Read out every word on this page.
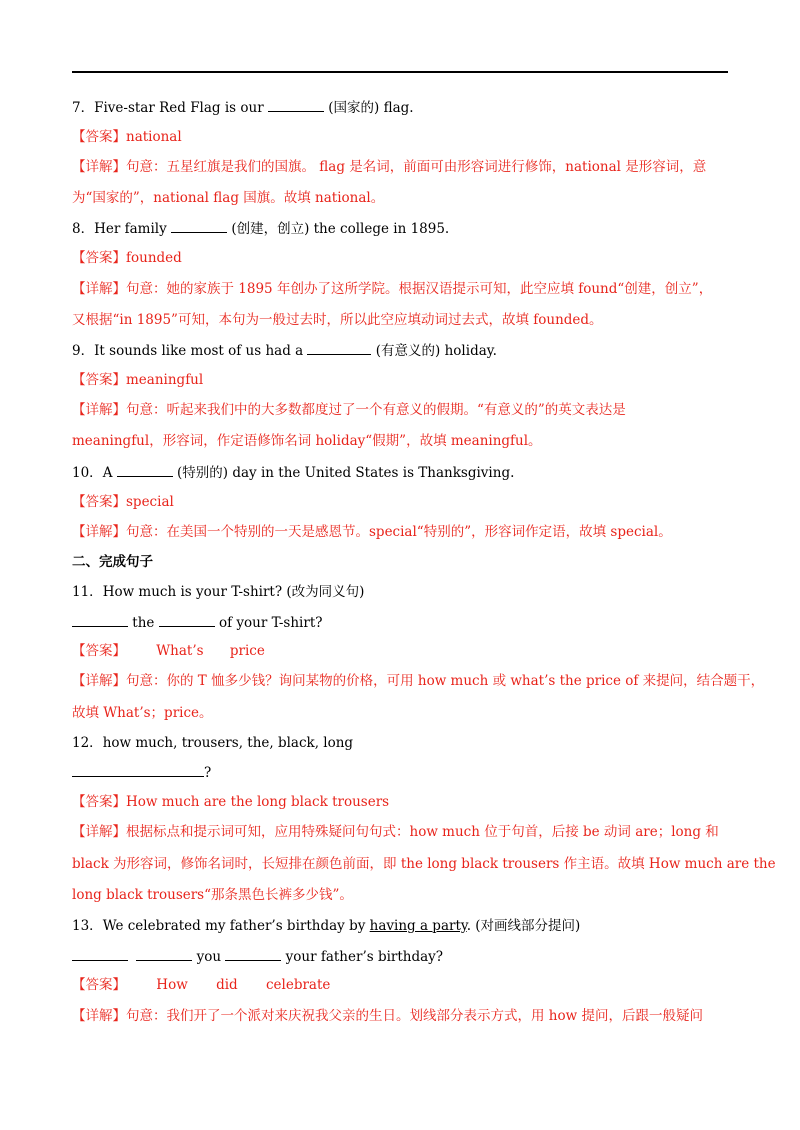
7．Five-star Red Flag is our	(国家的) flag.
【答案】national
【详解】句意：五星红旗是我们的国旗。 flag 是名词，前面可由形容词进行修饰，national 是形容词，意
为“国家的”，national flag 国旗。故填 national。
8．Her family	(创建，创立) the college in 1895.
【答案】founded
【详解】句意：她的家族于 1895 年创办了这所学院。根据汉语提示可知，此空应填 found“创建，创立”，
又根据“in 1895”可知，本句为一般过去时，所以此空应填动词过去式，故填 founded。
9．It sounds like most of us had a	(有意义的) holiday.
【答案】meaningful
【详解】句意：听起来我们中的大多数都度过了一个有意义的假期。“有意义的”的英文表达是
meaningful，形容词，作定语修饰名词 holiday“假期”，故填 meaningful。
10．A	(特别的) day in the United States is Thanksgiving.
【答案】special
【详解】句意：在美国一个特别的一天是感恩节。special“特别的”，形容词作定语，故填 special。
二、完成句子
11．How much is your T-shirt? (改为同义句)
the	of your T-shirt?
【答案】 What’s price
【详解】句意：你的 T 恤多少钱？询问某物的价格，可用 how much 或 what’s the price of 来提问，结合题干，
故填 What’s；price。
12．how much, trousers, the, black, long
?
【答案】How much are the long black trousers
【详解】根据标点和提示词可知，应用特殊疑问句句式：how much 位于句首，后接 be 动词 are；long 和
black 为形容词，修饰名词时，长短排在颜色前面，即 the long black trousers 作主语。故填 How much are the
long black trousers“那条黑色长裤多少钱”。
13．We celebrated my father’s birthday by having a party. (对画线部分提问)
you	your father’s birthday?
【答案】 How did celebrate
【详解】句意：我们开了一个派对来庆祝我父亲的生日。划线部分表示方式，用 how 提问，后跟一般疑问
